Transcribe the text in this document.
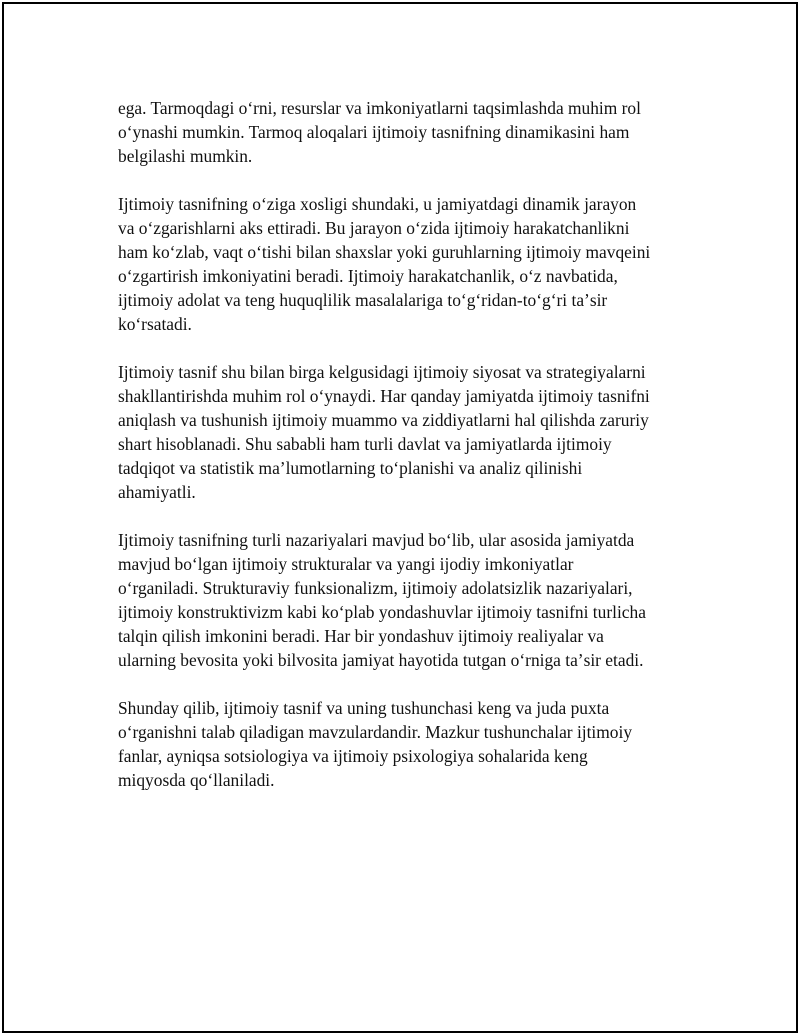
ega. Tarmoqdagi oʻrni, resurslar va imkoniyatlarni taqsimlashda muhim rol
oʻynashi mumkin. Tarmoq aloqalari ijtimoiy tasnifning dinamikasini ham
belgilashi mumkin.

Ijtimoiy tasnifning oʻziga xosligi shundaki, u jamiyatdagi dinamik jarayon
va oʻzgarishlarni aks ettiradi. Bu jarayon oʻzida ijtimoiy harakatchanlikni
ham koʻzlab, vaqt oʻtishi bilan shaxslar yoki guruhlarning ijtimoiy mavqeini
oʻzgartirish imkoniyatini beradi. Ijtimoiy harakatchanlik, oʻz navbatida,
ijtimoiy adolat va teng huquqlilik masalalariga toʻgʻridan-toʻgʻri taʼsir
koʻrsatadi.

Ijtimoiy tasnif shu bilan birga kelgusidagi ijtimoiy siyosat va strategiyalarni
shakllantirishda muhim rol oʻynaydi. Har qanday jamiyatda ijtimoiy tasnifni
aniqlash va tushunish ijtimoiy muammo va ziddiyatlarni hal qilishda zaruriy
shart hisoblanadi. Shu sababli ham turli davlat va jamiyatlarda ijtimoiy
tadqiqot va statistik maʼlumotlarning toʻplanishi va analiz qilinishi
ahamiyatli.

Ijtimoiy tasnifning turli nazariyalari mavjud boʻlib, ular asosida jamiyatda
mavjud boʻlgan ijtimoiy strukturalar va yangi ijodiy imkoniyatlar
oʻrganiladi. Strukturaviy funksionalizm, ijtimoiy adolatsizlik nazariyalari,
ijtimoiy konstruktivizm kabi koʻplab yondashuvlar ijtimoiy tasnifni turlicha
talqin qilish imkonini beradi. Har bir yondashuv ijtimoiy realiyalar va
ularning bevosita yoki bilvosita jamiyat hayotida tutgan oʻrniga taʼsir etadi.

Shunday qilib, ijtimoiy tasnif va uning tushunchasi keng va juda puxta
oʻrganishni talab qiladigan mavzulardandir. Mazkur tushunchalar ijtimoiy
fanlar, ayniqsa sotsiologiya va ijtimoiy psixologiya sohalarida keng
miqyosda qoʻllaniladi.
